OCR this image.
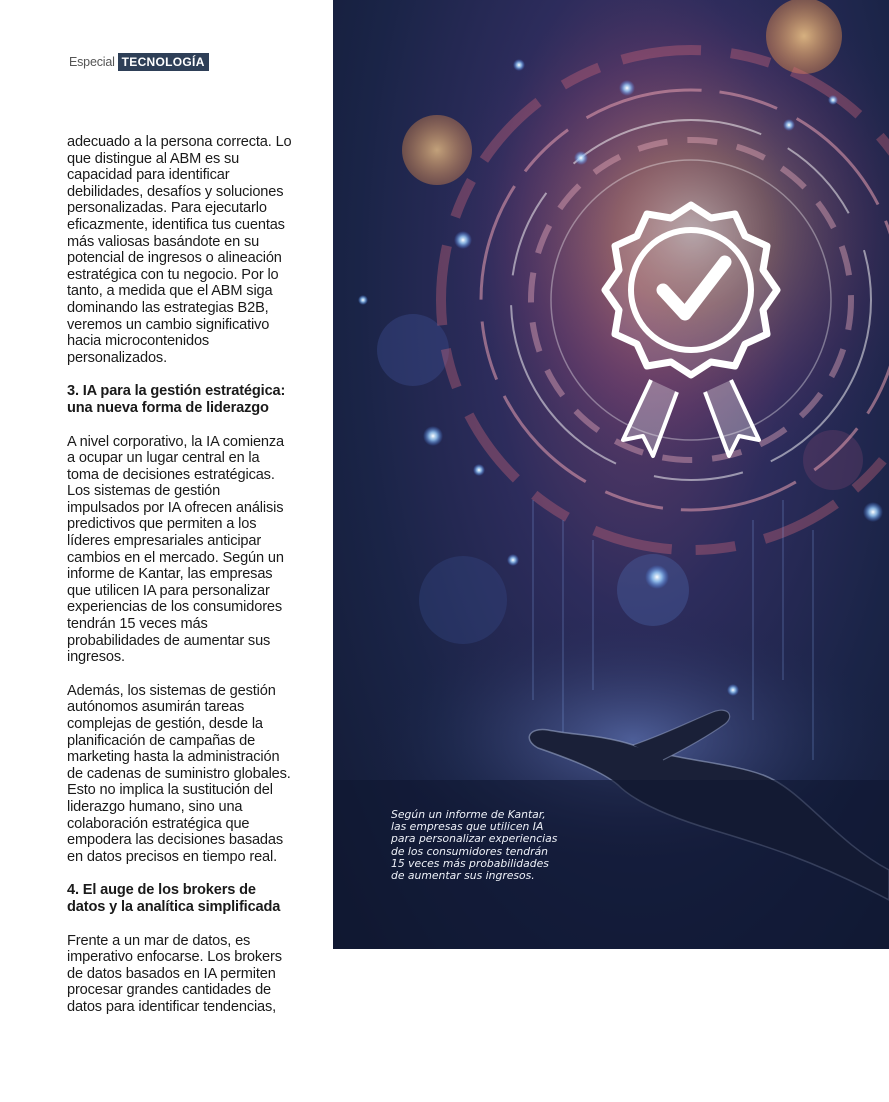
Especial TECNOLOGÍA

adecuado a la persona correcta. Lo
que distingue al ABM es su
capacidad para identificar
debilidades, desafíos y soluciones
personalizadas. Para ejecutarlo
eficazmente, identifica tus cuentas
más valiosas basándote en su
potencial de ingresos o alineación
estratégica con tu negocio. Por lo
tanto, a medida que el ABM siga
dominando las estrategias B2B,
veremos un cambio significativo
hacia microcontenidos
personalizados.

3. IA para la gestión estratégica:
una nueva forma de liderazgo

A nivel corporativo, la IA comienza
a ocupar un lugar central en la
toma de decisiones estratégicas.
Los sistemas de gestión
impulsados por IA ofrecen análisis
predictivos que permiten a los
líderes empresariales anticipar
cambios en el mercado. Según un
informe de Kantar, las empresas
que utilicen IA para personalizar
experiencias de los consumidores
tendrán 15 veces más
probabilidades de aumentar sus
ingresos.

Además, los sistemas de gestión
autónomos asumirán tareas
complejas de gestión, desde la
planificación de campañas de
marketing hasta la administración
de cadenas de suministro globales.
Esto no implica la sustitución del
liderazgo humano, sino una
colaboración estratégica que
empodera las decisiones basadas
en datos precisos en tiempo real.

4. El auge de los brokers de
datos y la analítica simplificada

Frente a un mar de datos, es
imperativo enfocarse. Los brokers
de datos basados en IA permiten
procesar grandes cantidades de
datos para identificar tendencias,

Según un informe de Kantar,
las empresas que utilicen IA
para personalizar experiencias
de los consumidores tendrán
15 veces más probabilidades
de aumentar sus ingresos.
